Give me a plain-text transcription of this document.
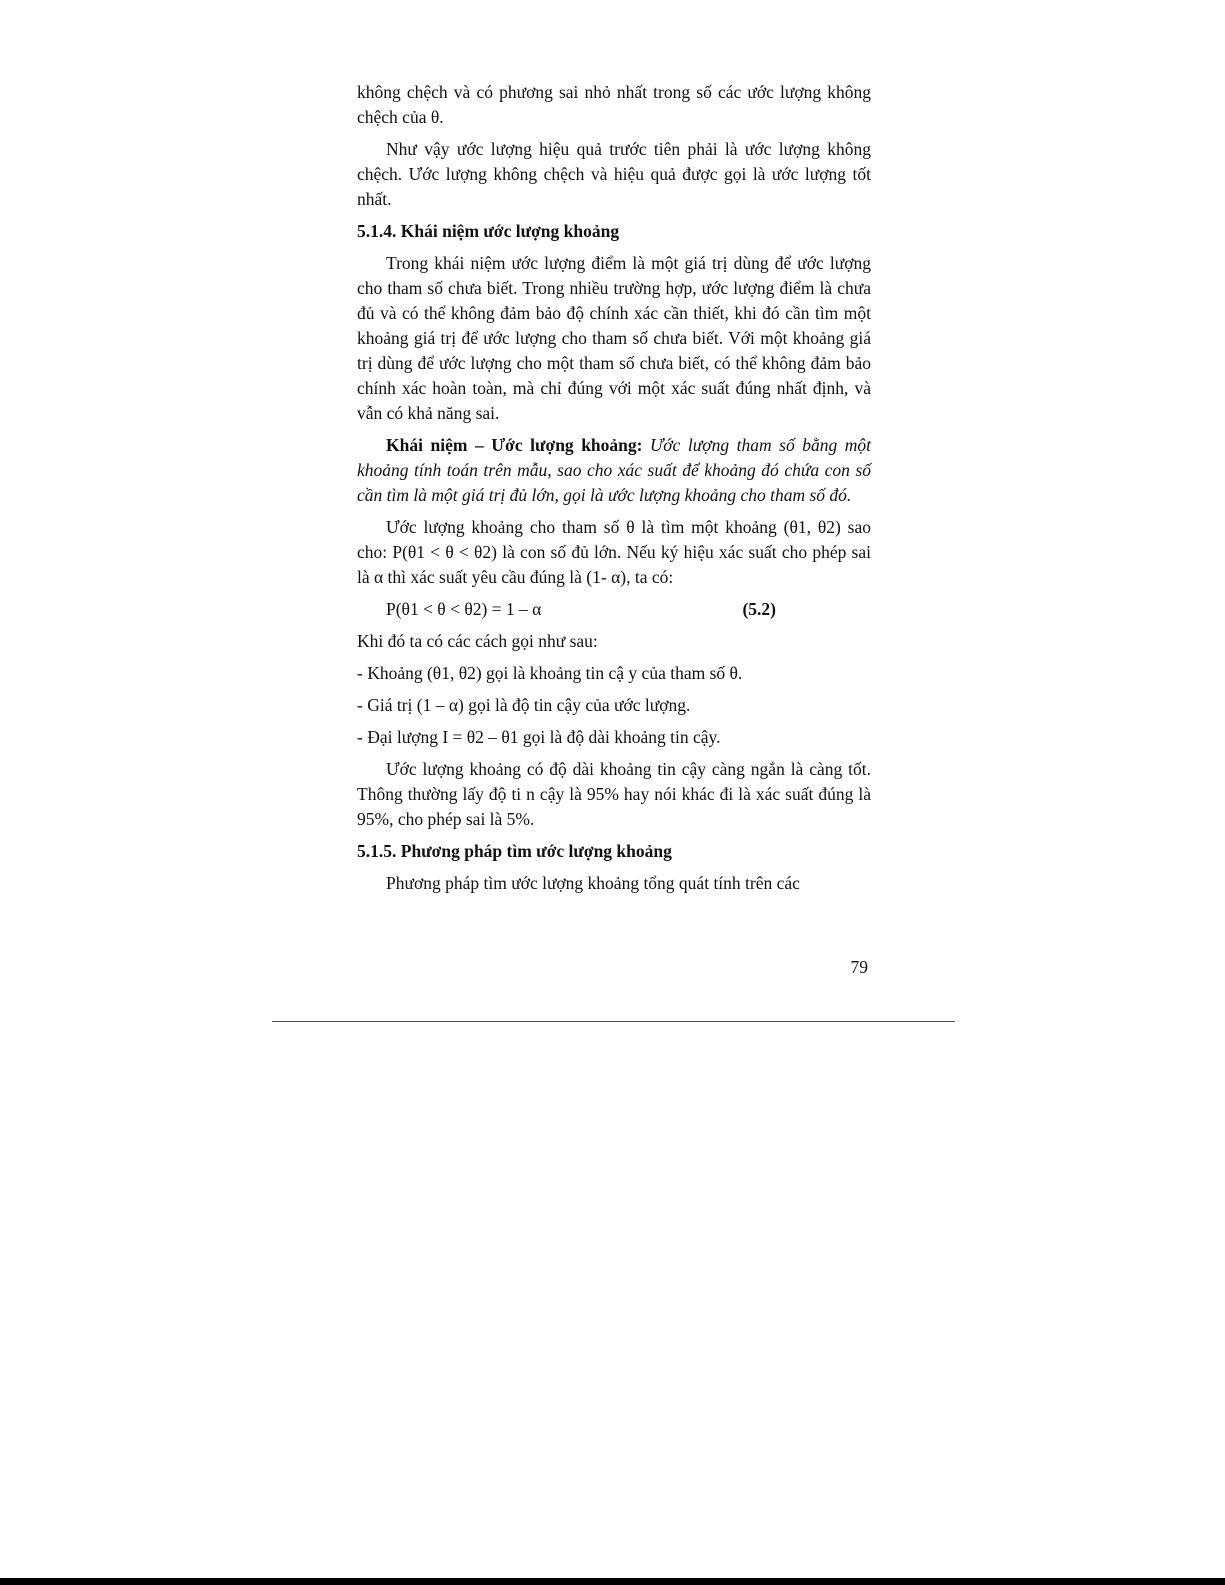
không chệch và có phương sai nhỏ nhất trong số các ước lượng không chệch của θ.

Như vậy ước lượng hiệu quả trước tiên phải là ước lượng không chệch. Ước lượng không chệch và hiệu quả được gọi là ước lượng tốt nhất.

5.1.4. Khái niệm ước lượng khoảng

Trong khái niệm ước lượng điểm là một giá trị dùng để ước lượng cho tham số chưa biết. Trong nhiều trường hợp, ước lượng điểm là chưa đủ và có thể không đảm bảo độ chính xác cần thiết, khi đó cần tìm một khoảng giá trị để ước lượng cho tham số chưa biết. Với một khoảng giá trị dùng để ước lượng cho một tham số chưa biết, có thể không đảm bảo chính xác hoàn toàn, mà chỉ đúng với một xác suất đúng nhất định, và vẫn có khả năng sai.

Khái niệm – Ước lượng khoảng: Ước lượng tham số bằng một khoảng tính toán trên mẫu, sao cho xác suất để khoảng đó chứa con số cần tìm là một giá trị đủ lớn, gọi là ước lượng khoảng cho tham số đó.

Ước lượng khoảng cho tham số θ là tìm một khoảng (θ1, θ2) sao cho: P(θ1 < θ < θ2) là con số đủ lớn. Nếu ký hiệu xác suất cho phép sai là α thì xác suất yêu cầu đúng là (1- α), ta có:

P(θ1 < θ < θ2) = 1 – α	(5.2)

Khi đó ta có các cách gọi như sau:

- Khoảng (θ1, θ2) gọi là khoảng tin cậ y của tham số θ.

- Giá trị (1 – α) gọi là độ tin cậy của ước lượng.

- Đại lượng I = θ2 – θ1 gọi là độ dài khoảng tin cậy.

Ước lượng khoảng có độ dài khoảng tin cậy càng ngắn là càng tốt. Thông thường lấy độ ti n cậy là 95% hay nói khác đi là xác suất đúng là 95%, cho phép sai là 5%.

5.1.5. Phương pháp tìm ước lượng khoảng

Phương pháp tìm ước lượng khoảng tổng quát tính trên các

79
